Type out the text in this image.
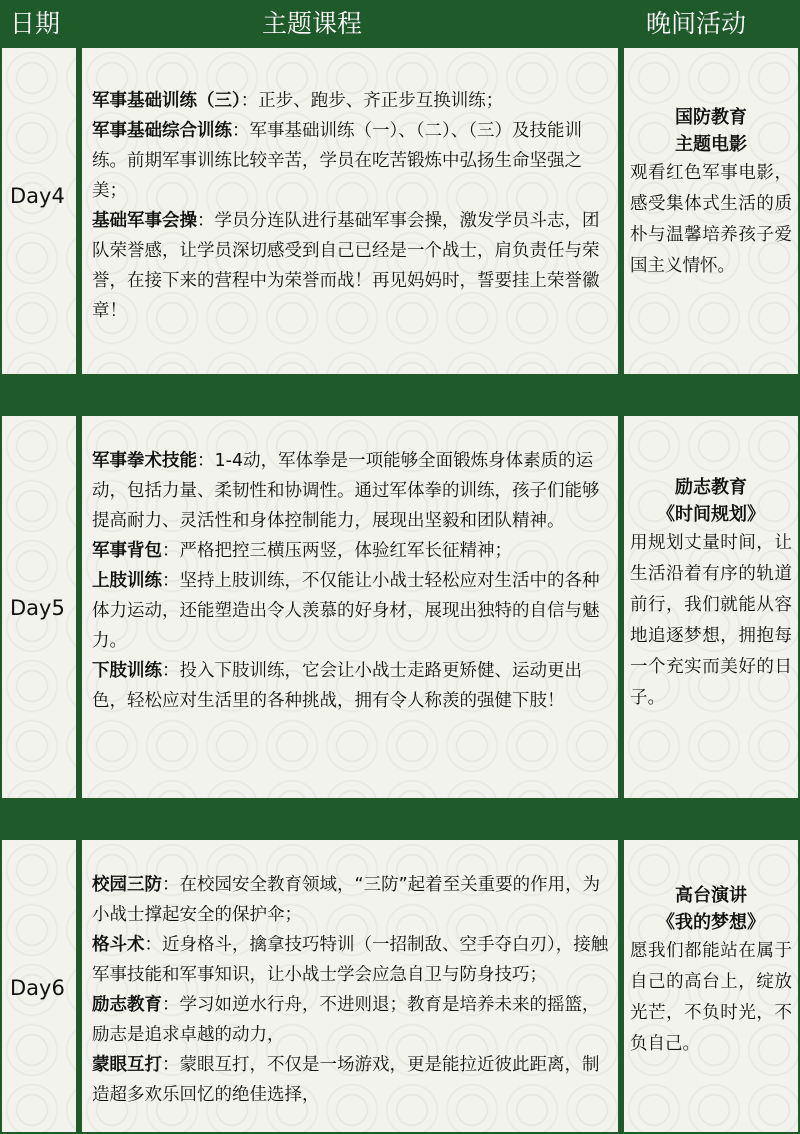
日期	主题课程	晚间活动
Day4

军事基础训练（三）：正步、跑步、齐正步互换训练；

军事基础综合训练：军事基础训练（一）、（二）、（三）及技能训练。前期军事训练比较辛苦，学员在吃苦锻炼中弘扬生命坚强之美；

基础军事会操：学员分连队进行基础军事会操，激发学员斗志，团队荣誉感，让学员深切感受到自己已经是一个战士，肩负责任与荣誉，在接下来的营程中为荣誉而战！再见妈妈时，誓要挂上荣誉徽章！

国防教育
主题电影
观看红色军事电影，感受集体式生活的质朴与温馨培养孩子爱国主义情怀。
Day5

军事拳术技能：1-4动，军体拳是一项能够全面锻炼身体素质的运动，包括力量、柔韧性和协调性。通过军体拳的训练，孩子们能够提高耐力、灵活性和身体控制能力，展现出坚毅和团队精神。

军事背包：严格把控三横压两竖，体验红军长征精神；

上肢训练：坚持上肢训练，不仅能让小战士轻松应对生活中的各种体力运动，还能塑造出令人羡慕的好身材，展现出独特的自信与魅力。

下肢训练：投入下肢训练，它会让小战士走路更矫健、运动更出色，轻松应对生活里的各种挑战，拥有令人称羡的强健下肢！

励志教育
《时间规划》
用规划丈量时间，让生活沿着有序的轨道前行，我们就能从容地追逐梦想，拥抱每一个充实而美好的日子。
Day6

校园三防：在校园安全教育领域，“三防”起着至关重要的作用，为小战士撑起安全的保护伞；

格斗术：近身格斗，擒拿技巧特训（一招制敌、空手夺白刃），接触军事技能和军事知识，让小战士学会应急自卫与防身技巧；

励志教育：学习如逆水行舟，不进则退；教育是培养未来的摇篮，励志是追求卓越的动力，

蒙眼互打：蒙眼互打，不仅是一场游戏，更是能拉近彼此距离，制造超多欢乐回忆的绝佳选择，

高台演讲
《我的梦想》
愿我们都能站在属于自己的高台上，绽放光芒，不负时光，不负自己。
